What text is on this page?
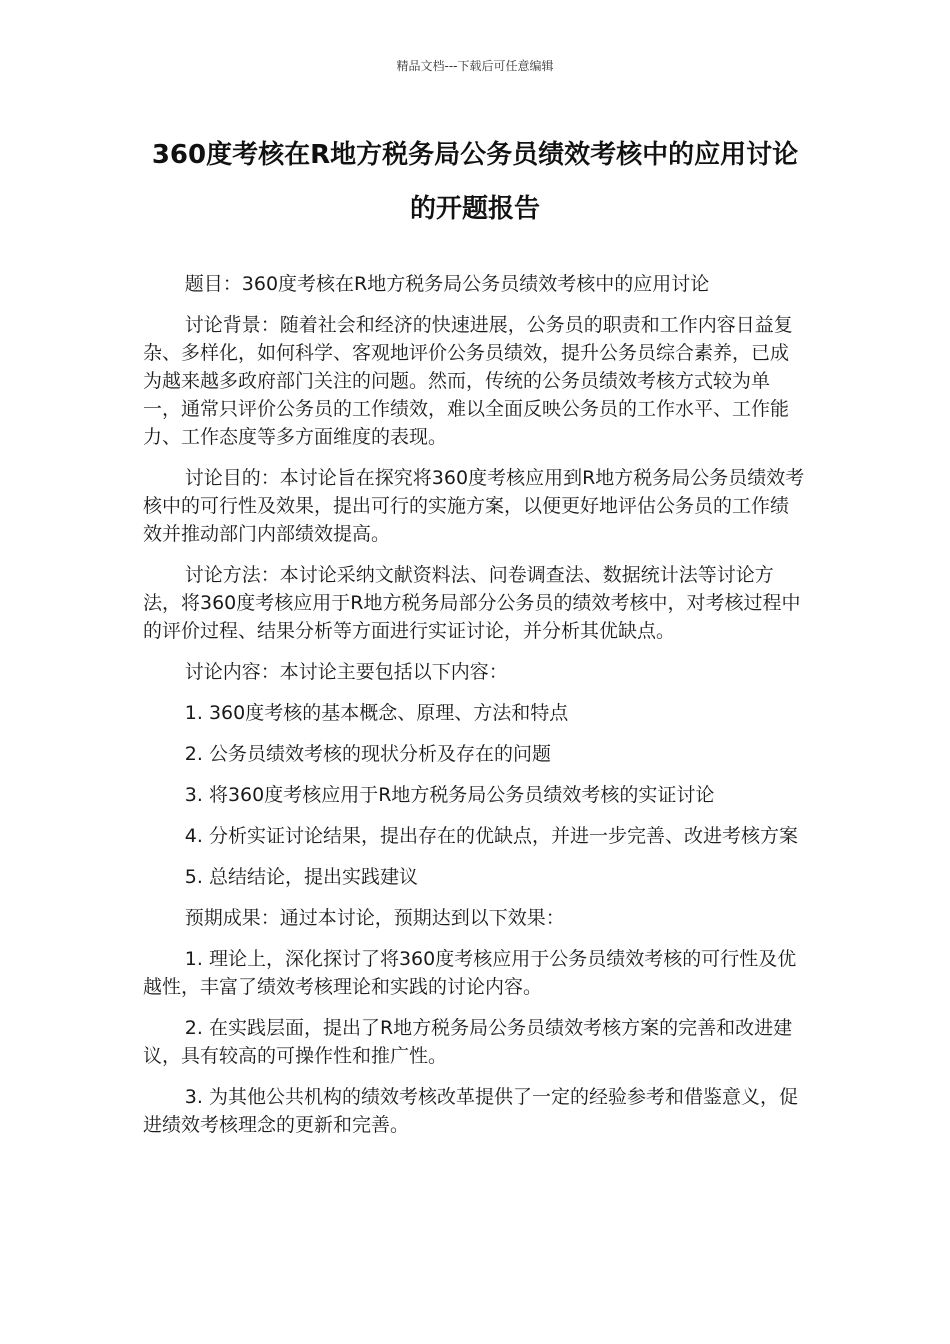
精品文档---下载后可任意编辑
360度考核在R地方税务局公务员绩效考核中的应用讨论的开题报告

题目：360度考核在R地方税务局公务员绩效考核中的应用讨论

讨论背景：随着社会和经济的快速进展，公务员的职责和工作内容日益复杂、多样化，如何科学、客观地评价公务员绩效，提升公务员综合素养，已成为越来越多政府部门关注的问题。然而，传统的公务员绩效考核方式较为单一，通常只评价公务员的工作绩效，难以全面反映公务员的工作水平、工作能力、工作态度等多方面维度的表现。

讨论目的：本讨论旨在探究将360度考核应用到R地方税务局公务员绩效考核中的可行性及效果，提出可行的实施方案，以便更好地评估公务员的工作绩效并推动部门内部绩效提高。

讨论方法：本讨论采纳文献资料法、问卷调查法、数据统计法等讨论方法，将360度考核应用于R地方税务局部分公务员的绩效考核中，对考核过程中的评价过程、结果分析等方面进行实证讨论，并分析其优缺点。

讨论内容：本讨论主要包括以下内容：

1. 360度考核的基本概念、原理、方法和特点

2. 公务员绩效考核的现状分析及存在的问题

3. 将360度考核应用于R地方税务局公务员绩效考核的实证讨论

4. 分析实证讨论结果，提出存在的优缺点，并进一步完善、改进考核方案

5. 总结结论，提出实践建议

预期成果：通过本讨论，预期达到以下效果：

1. 理论上，深化探讨了将360度考核应用于公务员绩效考核的可行性及优越性，丰富了绩效考核理论和实践的讨论内容。

2. 在实践层面，提出了R地方税务局公务员绩效考核方案的完善和改进建议，具有较高的可操作性和推广性。

3. 为其他公共机构的绩效考核改革提供了一定的经验参考和借鉴意义，促进绩效考核理念的更新和完善。
